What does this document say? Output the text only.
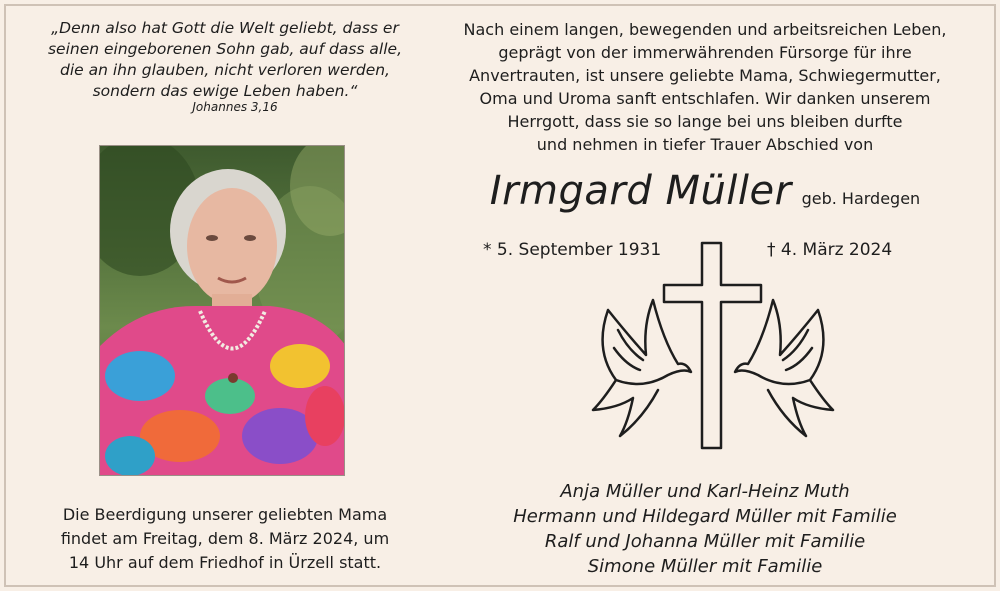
„Denn also hat Gott die Welt geliebt, dass er
seinen eingeborenen Sohn gab, auf dass alle,
die an ihn glauben, nicht verloren werden,
sondern das ewige Leben haben.“
Johannes 3,16
Die Beerdigung unserer geliebten Mama
findet am Freitag, dem 8. März 2024, um
14 Uhr auf dem Friedhof in Ürzell statt.
Nach einem langen, bewegenden und arbeitsreichen Leben,
geprägt von der immerwährenden Fürsorge für ihre
Anvertrauten, ist unsere geliebte Mama, Schwiegermutter,
Oma und Uroma sanft entschlafen. Wir danken unserem
Herrgott, dass sie so lange bei uns bleiben durfte
und nehmen in tiefer Trauer Abschied von
Irmgard Müller geb. Hardegen
* 5. September 1931	† 4. März 2024
Anja Müller und Karl-Heinz Muth
Hermann und Hildegard Müller mit Familie
Ralf und Johanna Müller mit Familie
Simone Müller mit Familie
